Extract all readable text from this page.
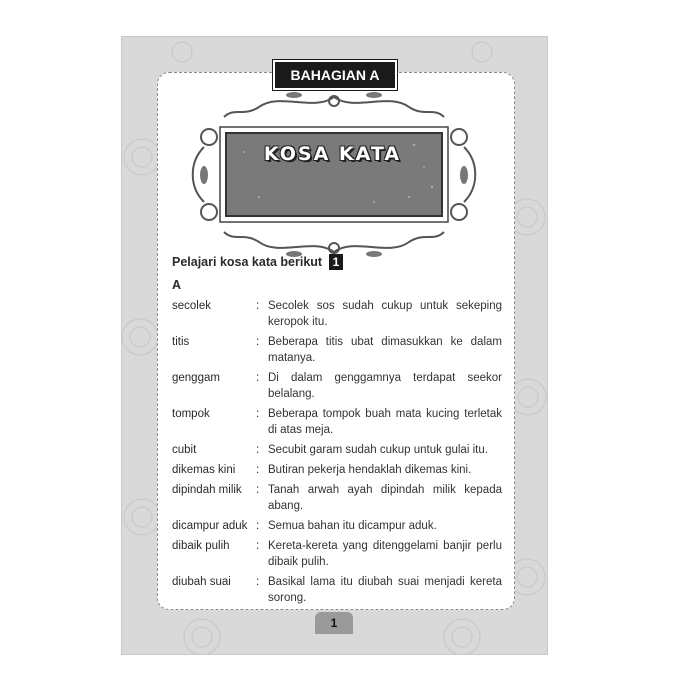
BAHAGIAN A
KOSA KATA
Pelajari kosa kata berikut 1
A
secolek	: Secolek sos sudah cukup untuk sekeping keropok itu.
titis	: Beberapa titis ubat dimasukkan ke dalam matanya.
genggam	: Di dalam genggamnya terdapat seekor belalang.
tompok	: Beberapa tompok buah mata kucing terletak di atas meja.
cubit	: Secubit garam sudah cukup untuk gulai itu.
dikemas kini	: Butiran pekerja hendaklah dikemas kini.
dipindah milik	: Tanah arwah ayah dipindah milik kepada abang.
dicampur aduk : Semua bahan itu dicampur aduk.
dibaik pulih	: Kereta-kereta yang ditenggelami banjir perlu dibaik pulih.
diubah suai	: Basikal lama itu diubah suai menjadi kereta sorong.
1
